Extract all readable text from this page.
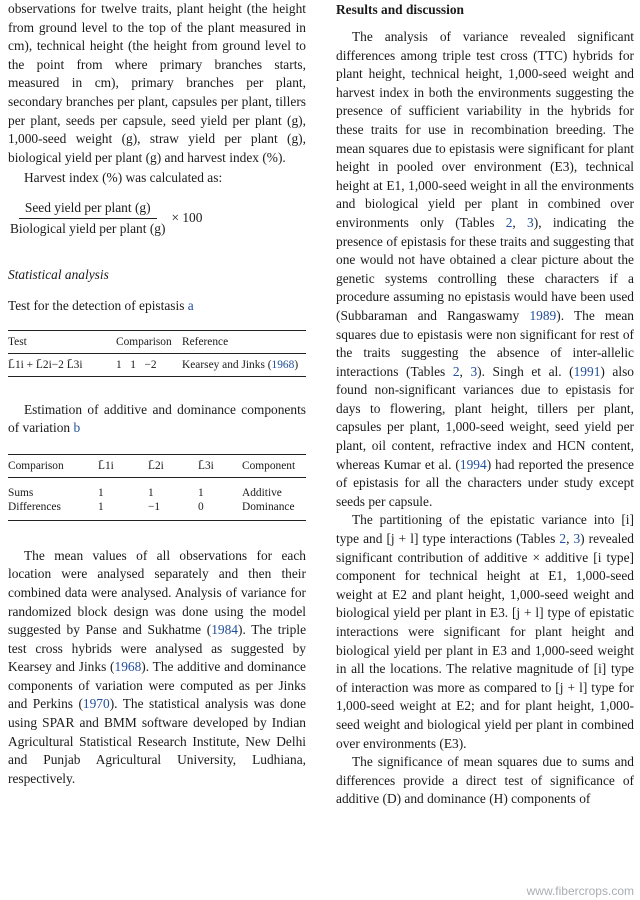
observations for twelve traits, plant height (the height from ground level to the top of the plant measured in cm), technical height (the height from ground level to the point from where primary branches starts, measured in cm), primary branches per plant, secondary branches per plant, capsules per plant, tillers per plant, seeds per capsule, seed yield per plant (g), 1,000-seed weight (g), straw yield per plant (g), biological yield per plant (g) and harvest index (%).

Harvest index (%) was calculated as:

$\frac{\text{Seed yield per plant (g)}}{\text{Biological yield per plant (g)}} \times 100$
Statistical analysis

Test for the detection of epistasis a

Test	Comparison	Reference
L̄1i + L̄2i−2 L̄3i	1 1 −2	Kearsey and Jinks (1968)

Estimation of additive and dominance components of variation b

Comparison	L̄1i	L̄2i	L̄3i	Component
Sums	1	1	1	Additive
Differences	1	−1	0	Dominance

The mean values of all observations for each location were analysed separately and then their combined data were analysed. Analysis of variance for randomized block design was done using the model suggested by Panse and Sukhatme (1984). The triple test cross hybrids were analysed as suggested by Kearsey and Jinks (1968). The additive and dominance components of variation were computed as per Jinks and Perkins (1970). The statistical analysis was done using SPAR and BMM software developed by Indian Agricultural Statistical Research Institute, New Delhi and Punjab Agricultural University, Ludhiana, respectively.

Results and discussion

The analysis of variance revealed significant differences among triple test cross (TTC) hybrids for plant height, technical height, 1,000-seed weight and harvest index in both the environments suggesting the presence of sufficient variability in the hybrids for these traits for use in recombination breeding. The mean squares due to epistasis were significant for plant height in pooled over environment (E3), technical height at E1, 1,000-seed weight in all the environments and biological yield per plant in combined over environments only (Tables 2, 3), indicating the presence of epistasis for these traits and suggesting that one would not have obtained a clear picture about the genetic systems controlling these characters if a procedure assuming no epistasis would have been used (Subbaraman and Rangaswamy 1989). The mean squares due to epistasis were non significant for rest of the traits suggesting the absence of inter-allelic interactions (Tables 2, 3). Singh et al. (1991) also found non-significant variances due to epistasis for days to flowering, plant height, tillers per plant, capsules per plant, 1,000-seed weight, seed yield per plant, oil content, refractive index and HCN content, whereas Kumar et al. (1994) had reported the presence of epistasis for all the characters under study except seeds per capsule.

The partitioning of the epistatic variance into [i] type and [j + l] type interactions (Tables 2, 3) revealed significant contribution of additive × additive [i type] component for technical height at E1, 1,000-seed weight at E2 and plant height, 1,000-seed weight and biological yield per plant in E3. [j + l] type of epistatic interactions were significant for plant height and biological yield per plant in E3 and 1,000-seed weight in all the locations. The relative magnitude of [i] type of interaction was more as compared to [j + l] type for 1,000-seed weight at E2; and for plant height, 1,000-seed weight and biological yield per plant in combined over environments (E3).

The significance of mean squares due to sums and differences provide a direct test of significance of additive (D) and dominance (H) components of

www.fibercrops.com
